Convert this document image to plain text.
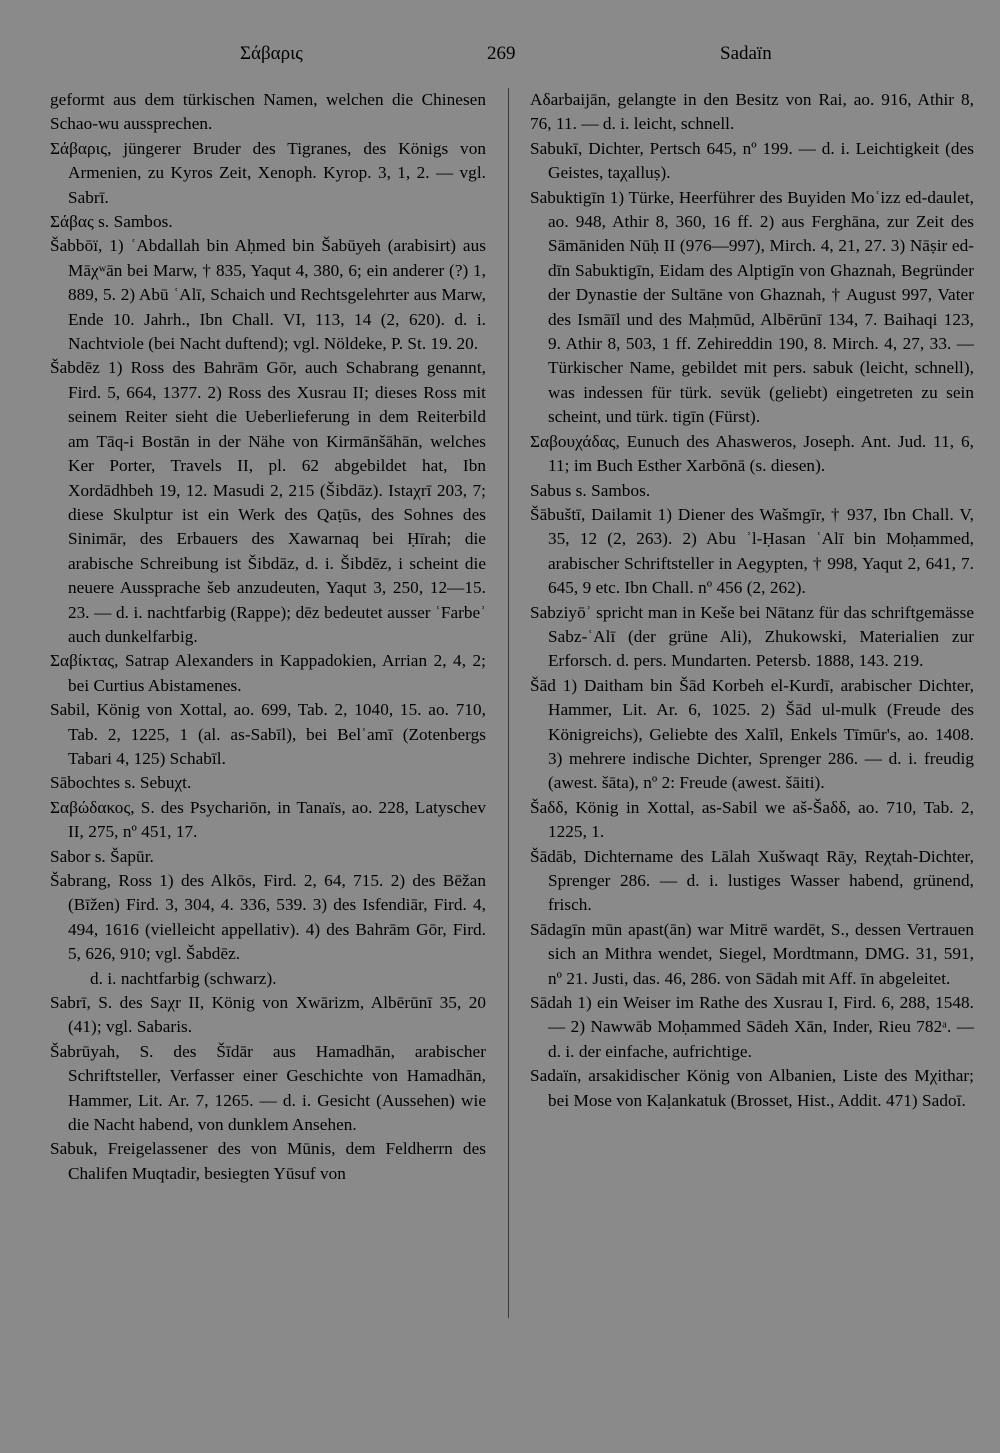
Σάβαρις	269	Sadaïn

geformt aus dem türkischen Namen, welchen die Chinesen Schao-wu aussprechen.

Σάβαρις, jüngerer Bruder des Tigranes, des Königs von Armenien, zu Kyros Zeit, Xenoph. Kyrop. 3, 1, 2. — vgl. Sabrī.

Σάβας s. Sambos.

Šabbōï, 1) ʿAbdallah bin Aḥmed bin Šabūyeh (arabisirt) aus Māχʷān bei Marw, † 835, Yaqut 4, 380, 6; ein anderer (?) 1, 889, 5. 2) Abū ʿAlī, Schaich und Rechtsgelehrter aus Marw, Ende 10. Jahrh., Ibn Chall. VI, 113, 14 (2, 620). d. i. Nachtviole (bei Nacht duftend); vgl. Nöldeke, P. St. 19. 20.

Šabdēz 1) Ross des Bahrām Gōr, auch Schabrang genannt, Fird. 5, 664, 1377. 2) Ross des Xusrau II; dieses Ross mit seinem Reiter sieht die Ueberlieferung in dem Reiterbild am Tāq-i Bostān in der Nähe von Kirmānšāhān, welches Ker Porter, Travels II, pl. 62 abgebildet hat, Ibn Xordādhbeh 19, 12. Masudi 2, 215 (Šibdāz). Istaχrī 203, 7; diese Skulptur ist ein Werk des Qaṭūs, des Sohnes des Sinimār, des Erbauers des Xawarnaq bei Ḥīrah; die arabische Schreibung ist Šibdāz, d. i. Šibdēz, i scheint die neuere Aussprache šeb anzudeuten, Yaqut 3, 250, 12—15. 23. — d. i. nachtfarbig (Rappe); dēz bedeutet ausser ʿFarbeʾ auch dunkelfarbig.

Σαβίκτας, Satrap Alexanders in Kappadokien, Arrian 2, 4, 2; bei Curtius Abistamenes.

Sabil, König von Xottal, ao. 699, Tab. 2, 1040, 15. ao. 710, Tab. 2, 1225, 1 (al. as-Sabīl), bei Belʿamī (Zotenbergs Tabari 4, 125) Schabīl.

Sābochtes s. Sebuχt.

Σαβώδακος, S. des Psychariōn, in Tanaïs, ao. 228, Latyschev II, 275, nº 451, 17.

Sabor s. Šapūr.

Šabrang, Ross 1) des Alkōs, Fird. 2, 64, 715. 2) des Bēžan (Bīžen) Fird. 3, 304, 4. 336, 539. 3) des Isfendiār, Fird. 4, 494, 1616 (vielleicht appellativ). 4) des Bahrām Gōr, Fird. 5, 626, 910; vgl. Šabdēz.

d. i. nachtfarbig (schwarz).

Sabrī, S. des Saχr II, König von Xwārizm, Albērūnī 35, 20 (41); vgl. Sabaris.

Šabrūyah, S. des Šīdār aus Hamadhān, arabischer Schriftsteller, Verfasser einer Geschichte von Hamadhān, Hammer, Lit. Ar. 7, 1265. — d. i. Gesicht (Aussehen) wie die Nacht habend, von dunklem Ansehen.

Sabuk, Freigelassener des von Mūnis, dem Feldherrn des Chalifen Muqtadir, besiegten Yūsuf von

Aδarbaijān, gelangte in den Besitz von Rai, ao. 916, Athir 8, 76, 11. — d. i. leicht, schnell.

Sabukī, Dichter, Pertsch 645, nº 199. — d. i. Leichtigkeit (des Geistes, taχalluṣ).

Sabuktigīn 1) Türke, Heerführer des Buyiden Moʿizz ed-daulet, ao. 948, Athir 8, 360, 16 ff. 2) aus Ferghāna, zur Zeit des Sāmāniden Nūḥ II (976—997), Mirch. 4, 21, 27. 3) Nāṣir ed-dīn Sabuktigīn, Eidam des Alptigīn von Ghaznah, Begründer der Dynastie der Sultāne von Ghaznah, † August 997, Vater des Ismāīl und des Maḥmūd, Albērūnī 134, 7. Baihaqi 123, 9. Athir 8, 503, 1 ff. Zehireddin 190, 8. Mirch. 4, 27, 33. — Türkischer Name, gebildet mit pers. sabuk (leicht, schnell), was indessen für türk. sevük (geliebt) eingetreten zu sein scheint, und türk. tigīn (Fürst).

Σαβουχάδας, Eunuch des Ahasweros, Joseph. Ant. Jud. 11, 6, 11; im Buch Esther Xarbōnā (s. diesen).

Sabus s. Sambos.

Šābuštī, Dailamit 1) Diener des Wašmgīr, † 937, Ibn Chall. V, 35, 12 (2, 263). 2) Abu ʾl-Ḥasan ʿAlī bin Moḥammed, arabischer Schriftsteller in Aegypten, † 998, Yaqut 2, 641, 7. 645, 9 etc. Ibn Chall. nº 456 (2, 262).

Sabziyōʾ spricht man in Keše bei Nātanz für das schriftgemässe Sabz-ʿAlī (der grüne Ali), Zhukowski, Materialien zur Erforsch. d. pers. Mundarten. Petersb. 1888, 143. 219.

Šād 1) Daitham bin Šād Korbeh el-Kurdī, arabischer Dichter, Hammer, Lit. Ar. 6, 1025. 2) Šād ul-mulk (Freude des Königreichs), Geliebte des Xalīl, Enkels Tīmūr's, ao. 1408. 3) mehrere indische Dichter, Sprenger 286. — d. i. freudig (awest. šāta), nº 2: Freude (awest. šāiti).

Šaδδ, König in Xottal, as-Sabil we aš-Šaδδ, ao. 710, Tab. 2, 1225, 1.

Šādāb, Dichtername des Lālah Xušwaqt Rāy, Reχtah-Dichter, Sprenger 286. — d. i. lustiges Wasser habend, grünend, frisch.

Sādagīn mūn apast(ān) war Mitrē wardēt, S., dessen Vertrauen sich an Mithra wendet, Siegel, Mordtmann, DMG. 31, 591, nº 21. Justi, das. 46, 286. von Sādah mit Aff. īn abgeleitet.

Sādah 1) ein Weiser im Rathe des Xusrau I, Fird. 6, 288, 1548. — 2) Nawwāb Moḥammed Sādeh Xān, Inder, Rieu 782ᵃ. — d. i. der einfache, aufrichtige.

Sadaïn, arsakidischer König von Albanien, Liste des Mχithar; bei Mose von Kaḷankatuk (Brosset, Hist., Addit. 471) Sadoī.
